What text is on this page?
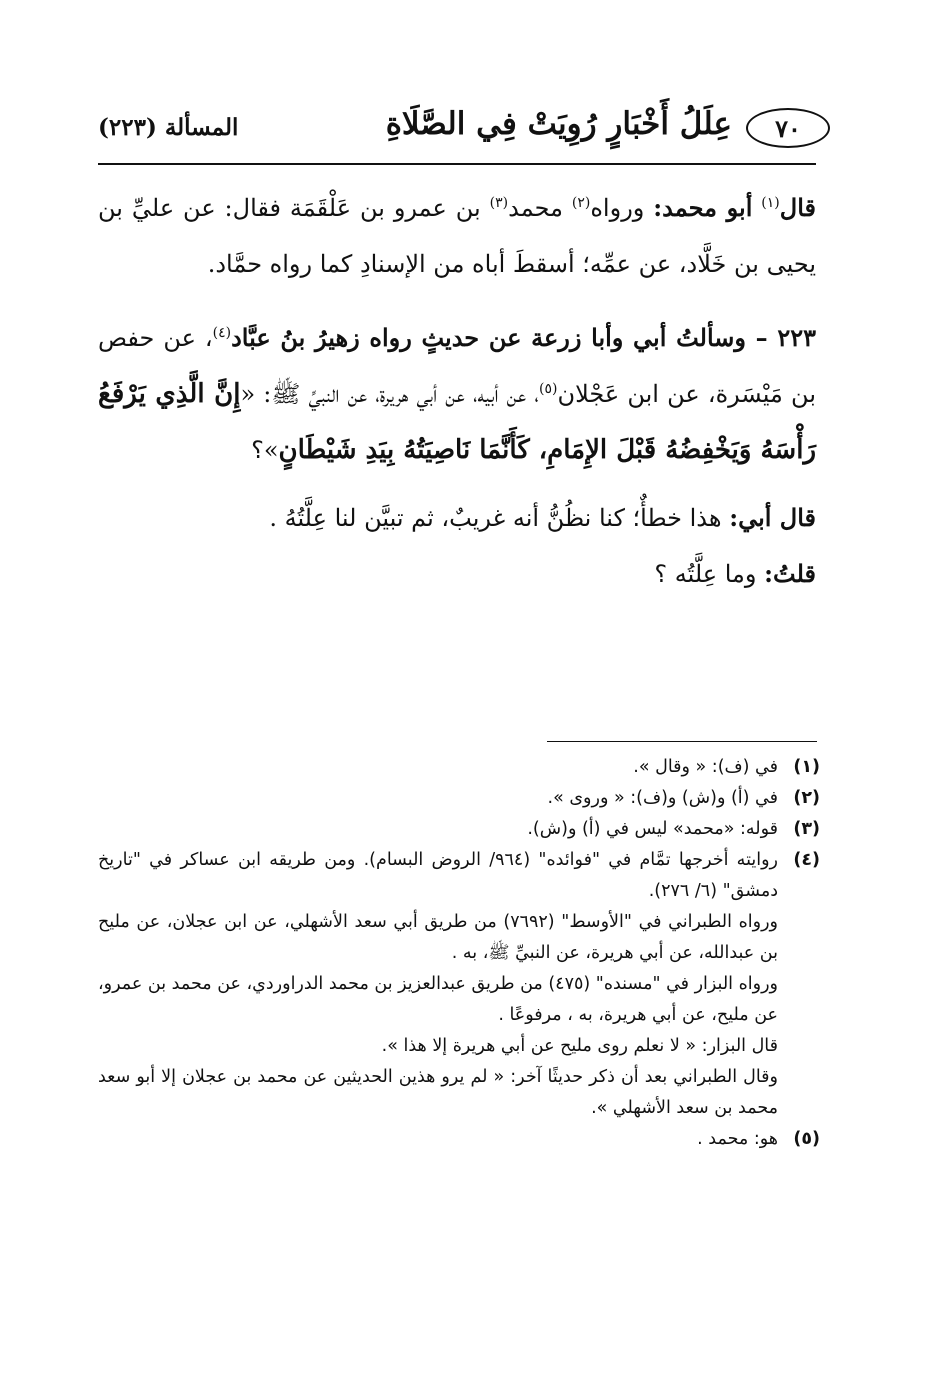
٧٠
عِلَلُ أَخْبَارٍ رُوِيَتْ فِي الصَّلَاةِ
المسألة (٢٢٣)

قال$^{(١)}$ أبو محمد: ورواه$^{(٢)}$ محمد$^{(٣)}$ بن عمرو بن عَلْقَمَة فقال: عن عليِّ بن يحيى بن خَلَّاد، عن عمِّه؛ أسقطَ أباه من الإسنادِ كما رواه حمَّاد.

٢٢٣ – وسألتُ أبي وأبا زرعة عن حديثٍ رواه زهيرُ بنُ عبَّاد$^{(٤)}$، عن حفص بن مَيْسَرة، عن ابن عَجْلان$^{(٥)}$، عن أبيه، عن أبي هريرة، عن النبيِّ ﷺ: «إِنَّ الَّذِي يَرْفَعُ رَأْسَهُ وَيَخْفِضُهُ قَبْلَ الإِمَامِ، كَأَنَّمَا نَاصِيَتُهُ بِيَدِ شَيْطَانٍ»؟

قال أبي: هذا خطأٌ؛ كنا نظُنُّ أنه غريبٌ، ثم تبيَّن لنا عِلَّتُهُ .

قلتُ: وما عِلَّتُه ؟

(١)

في (ف): « وقال ».

(٢)

في (أ) و(ش) و(ف): « وروى ».

(٣)

قوله: «محمد» ليس في (أ) و(ش).

(٤)

روايته أخرجها تمَّام في "فوائده" (٩٦٤/ الروض البسام). ومن طريقه ابن عساكر في "تاريخ دمشق" (٦/ ٢٧٦).

ورواه الطبراني في "الأوسط" (٧٦٩٢) من طريق أبي سعد الأشهلي، عن ابن عجلان، عن مليح بن عبدالله، عن أبي هريرة، عن النبيِّ ﷺ، به .

ورواه البزار في "مسنده" (٤٧٥) من طريق عبدالعزيز بن محمد الدراوردي، عن محمد بن عمرو، عن مليح، عن أبي هريرة، به ، مرفوعًا .

قال البزار: « لا نعلم روى مليح عن أبي هريرة إلا هذا ».

وقال الطبراني بعد أن ذكر حديثًا آخر: « لم يرو هذين الحديثين عن محمد بن عجلان إلا أبو سعد محمد بن سعد الأشهلي ».

(٥)

هو: محمد .
